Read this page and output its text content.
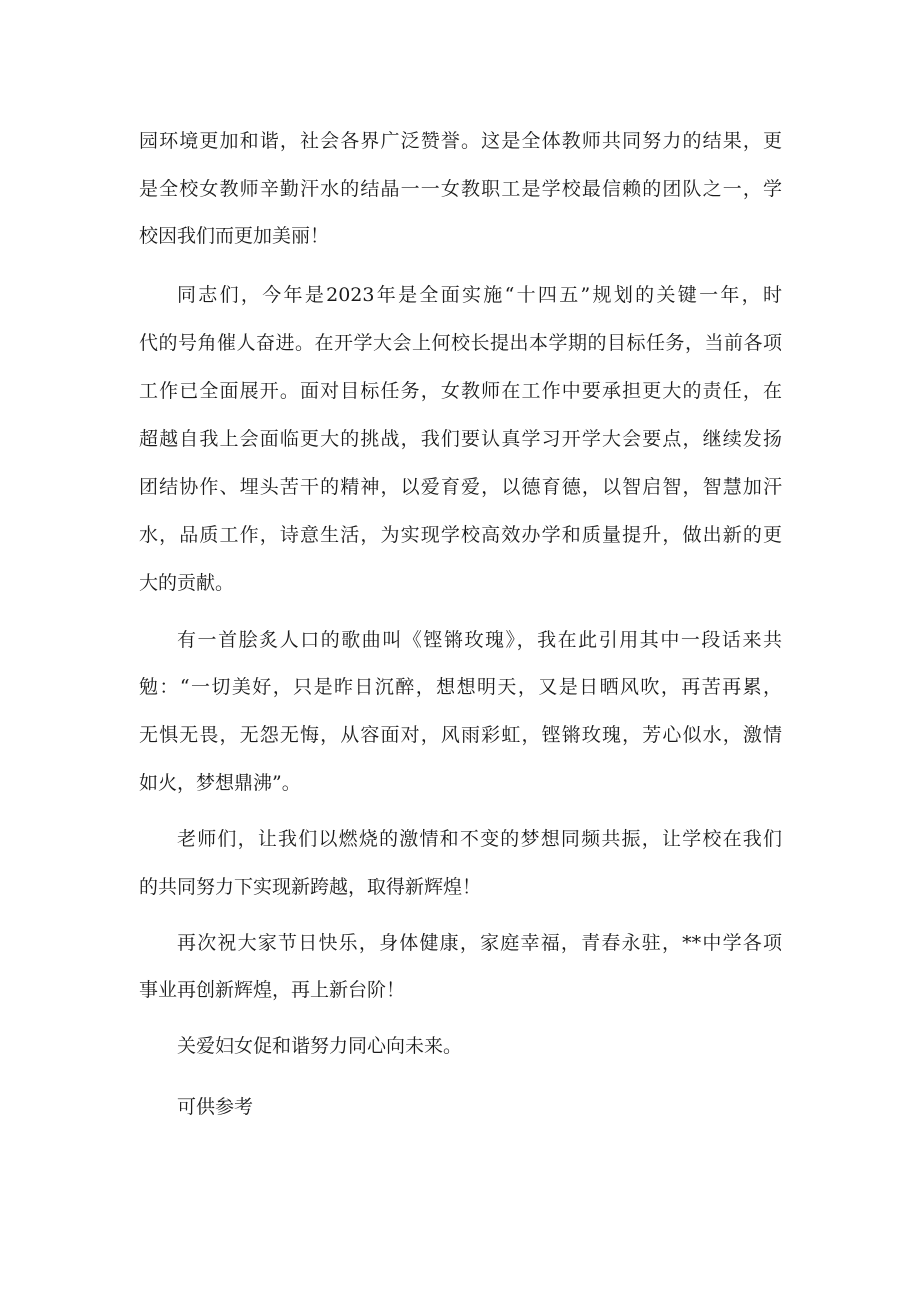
园环境更加和谐，社会各界广泛赞誉。这是全体教师共同努力的结果，更
是全校女教师辛勤汗水的结晶一一女教职工是学校最信赖的团队之一，学
校因我们而更加美丽！
同志们，今年是2023年是全面实施“十四五”规划的关键一年，时
代的号角催人奋进。在开学大会上何校长提出本学期的目标任务，当前各项
工作已全面展开。面对目标任务，女教师在工作中要承担更大的责任，在
超越自我上会面临更大的挑战，我们要认真学习开学大会要点，继续发扬
团结协作、埋头苦干的精神，以爱育爱，以德育德，以智启智，智慧加汗
水，品质工作，诗意生活，为实现学校高效办学和质量提升，做出新的更
大的贡献。
有一首脍炙人口的歌曲叫《铿锵玫瑰》，我在此引用其中一段话来共
勉：“一切美好，只是昨日沉醉，想想明天，又是日晒风吹，再苦再累，
无惧无畏，无怨无悔，从容面对，风雨彩虹，铿锵玫瑰，芳心似水，激情
如火，梦想鼎沸”。
老师们，让我们以燃烧的激情和不变的梦想同频共振，让学校在我们
的共同努力下实现新跨越，取得新辉煌！
再次祝大家节日快乐，身体健康，家庭幸福，青春永驻，**中学各项
事业再创新辉煌，再上新台阶！
关爱妇女促和谐努力同心向未来。
可供参考
